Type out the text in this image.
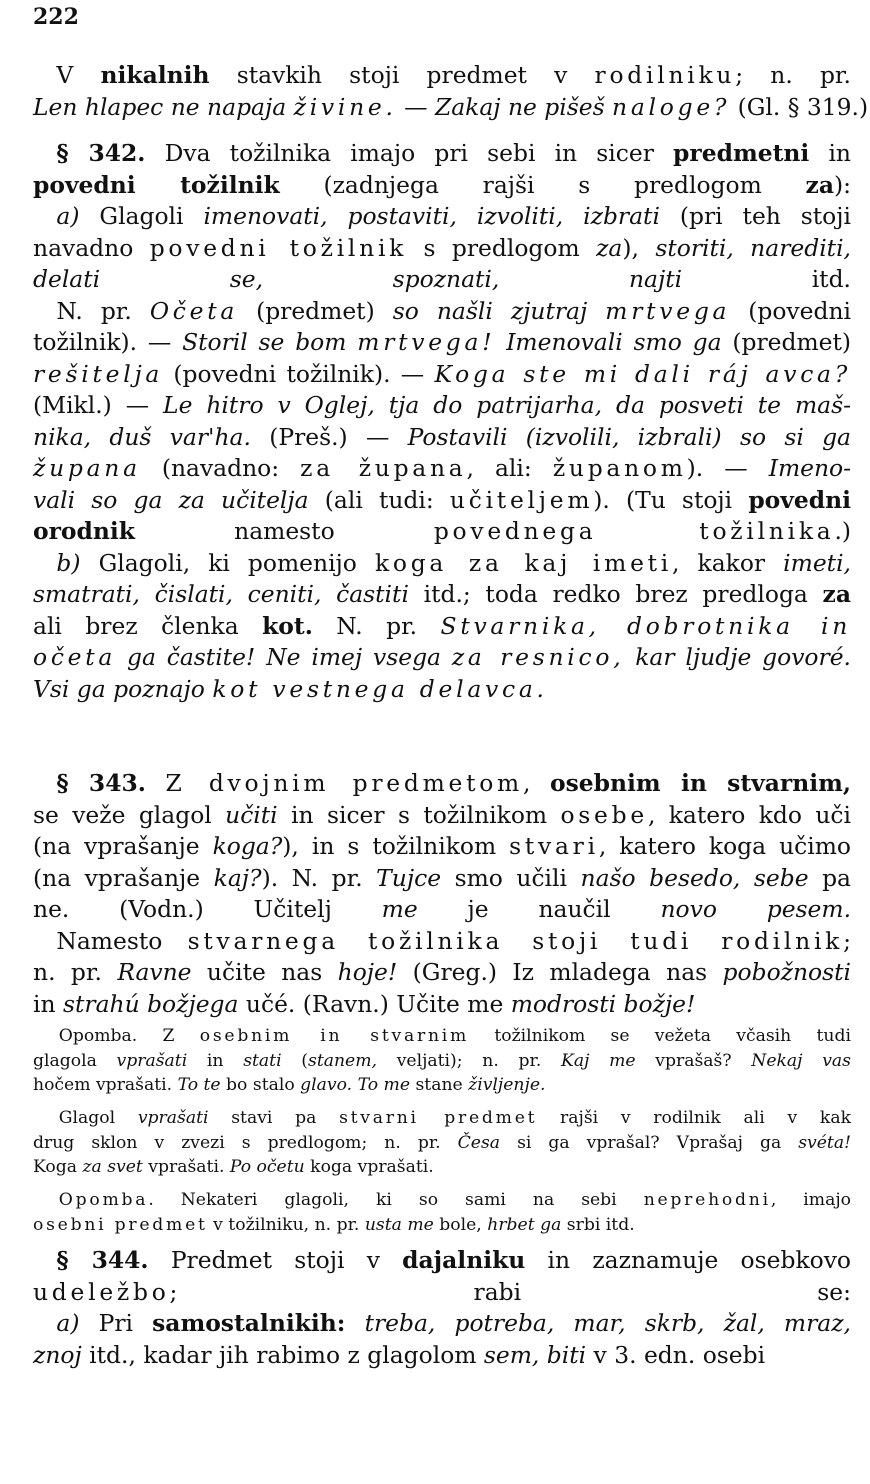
222
V nikalnih stavkih stoji predmet v rodilniku; n. pr.
Len hlapec ne napaja živine. — Zakaj ne pišeš naloge? (Gl. § 319.)
§ 342. Dva tožilnika imajo pri sebi in sicer predmetni in
povedni tožilnik (zadnjega rajši s predlogom za):
a) Glagoli imenovati, postaviti, izvoliti, izbrati (pri teh stoji
navadno povedni tožilnik s predlogom za), storiti, narediti,
delati se, spoznati, najti itd.
N. pr. Očeta (predmet) so našli zjutraj mrtvega (povedni
tožilnik). — Storil se bom mrtvega! Imenovali smo ga (predmet)
rešitelja (povedni tožilnik). — Koga ste mi dali ráj avca?
(Mikl.) — Le hitro v Oglej, tja do patrijarha, da posveti te maš-
nika, duš var'ha. (Preš.) — Postavili (izvolili, izbrali) so si ga
župana (navadno: za župana, ali: županom). — Imeno-
vali so ga za učitelja (ali tudi: učiteljem). (Tu stoji povedni
orodnik namesto povednega tožilnika.)
b) Glagoli, ki pomenijo koga za kaj imeti, kakor imeti,
smatrati, čislati, ceniti, častiti itd.; toda redko brez predloga za
ali brez členka kot. N. pr. Stvarnika, dobrotnika in
očeta ga častite! Ne imej vsega za resnico, kar ljudje govoré.
Vsi ga poznajo kot vestnega delavca.
§ 343. Z dvojnim predmetom, osebnim in stvarnim,
se veže glagol učiti in sicer s tožilnikom osebe, katero kdo uči
(na vprašanje koga?), in s tožilnikom stvari, katero koga učimo
(na vprašanje kaj?). N. pr. Tujce smo učili našo besedo, sebe pa
ne. (Vodn.) Učitelj me je naučil novo pesem.
Namesto stvarnega tožilnika stoji tudi rodilnik;
n. pr. Ravne učite nas hoje! (Greg.) Iz mladega nas pobožnosti
in strahú božjega učé. (Ravn.) Učite me modrosti božje!
Opomba. Z osebnim in stvarnim tožilnikom se vežeta včasih tudi
glagola vprašati in stati (stanem, veljati); n. pr. Kaj me vprašaš? Nekaj vas
hočem vprašati. To te bo stalo glavo. To me stane življenje.
Glagol vprašati stavi pa stvarni predmet rajši v rodilnik ali v kak
drug sklon v zvezi s predlogom; n. pr. Česa si ga vprašal? Vprašaj ga svéta!
Koga za svet vprašati. Po očetu koga vprašati.
Opomba. Nekateri glagoli, ki so sami na sebi neprehodni, imajo
osebni predmet v tožilniku, n. pr. usta me bole, hrbet ga srbi itd.
§ 344. Predmet stoji v dajalniku in zaznamuje osebkovo
udeležbo; rabi se:
a) Pri samostalnikih: treba, potreba, mar, skrb, žal, mraz,
znoj itd., kadar jih rabimo z glagolom sem, biti v 3. edn. osebi
